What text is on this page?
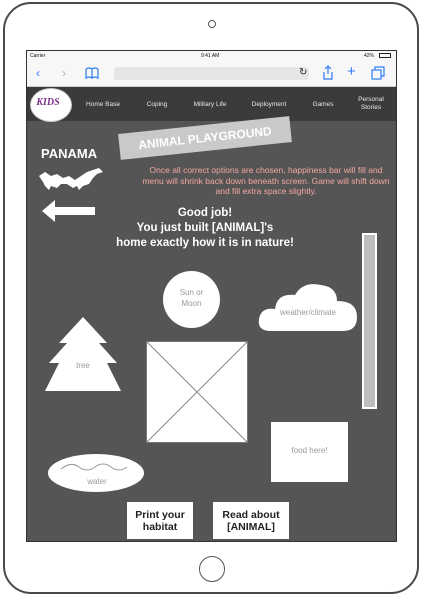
Carrier	9:41 AM	42%
‹ ›	↻	+
KIDS	Home Base	Coping	Military Life	Deployment	Games
Personal Stories
ANIMAL PLAYGROUND
PANAMA
Once all correct options are chosen, happiness bar will fill and menu will shrink back down beneath screen. Game will shift down and fill extra space slightly.
Good job!
You just built [ANIMAL]'s
home exactly how it is in nature!
Sun or Moon
weather/climate
tree
food here!
water
Print your habitat
Read about [ANIMAL]
